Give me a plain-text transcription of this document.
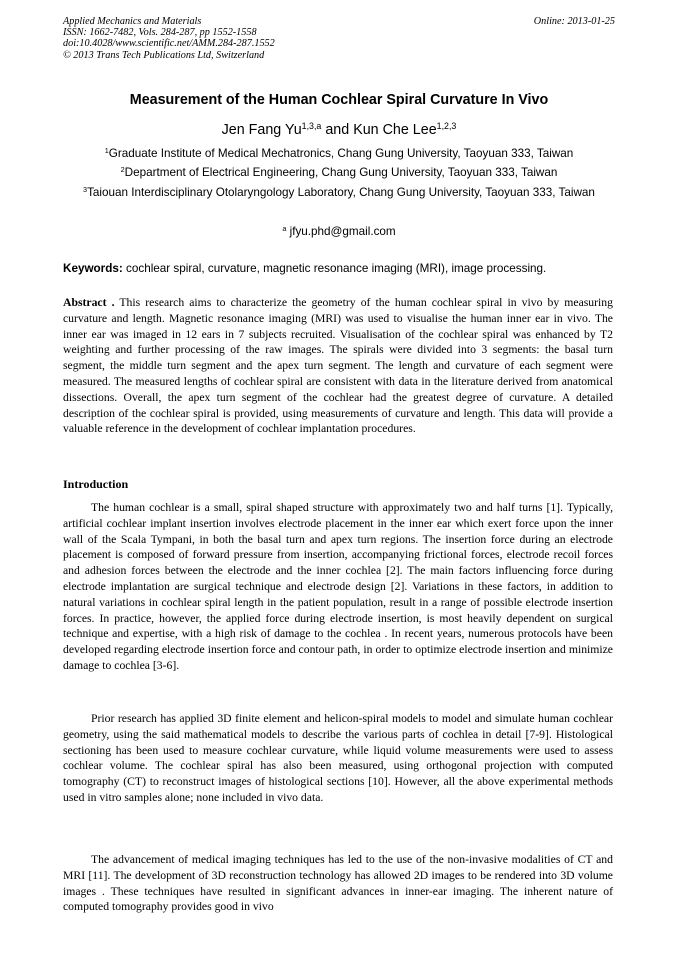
Applied Mechanics and Materials
ISSN: 1662-7482, Vols. 284-287, pp 1552-1558
doi:10.4028/www.scientific.net/AMM.284-287.1552
© 2013 Trans Tech Publications Ltd, Switzerland
Online: 2013-01-25
Measurement of the Human Cochlear Spiral Curvature In Vivo
Jen Fang Yu$^{1,3,a}$ and Kun Che Lee$^{1,2,3}$
$^1$Graduate Institute of Medical Mechatronics, Chang Gung University, Taoyuan 333, Taiwan
$^2$Department of Electrical Engineering, Chang Gung University, Taoyuan 333, Taiwan
$^3$Taiouan Interdisciplinary Otolaryngology Laboratory, Chang Gung University, Taoyuan 333, Taiwan
$^a$ jfyu.phd@gmail.com
Keywords: cochlear spiral, curvature, magnetic resonance imaging (MRI), image processing.
Abstract . This research aims to characterize the geometry of the human cochlear spiral in vivo by measuring curvature and length. Magnetic resonance imaging (MRI) was used to visualise the human inner ear in vivo. The inner ear was imaged in 12 ears in 7 subjects recruited. Visualisation of the cochlear spiral was enhanced by T2 weighting and further processing of the raw images. The spirals were divided into 3 segments: the basal turn segment, the middle turn segment and the apex turn segment. The length and curvature of each segment were measured. The measured lengths of cochlear spiral are consistent with data in the literature derived from anatomical dissections. Overall, the apex turn segment of the cochlear had the greatest degree of curvature. A detailed description of the cochlear spiral is provided, using measurements of curvature and length. This data will provide a valuable reference in the development of cochlear implantation procedures.
Introduction
The human cochlear is a small, spiral shaped structure with approximately two and half turns [1]. Typically, artificial cochlear implant insertion involves electrode placement in the inner ear which exert force upon the inner wall of the Scala Tympani, in both the basal turn and apex turn regions. The insertion force during an electrode placement is composed of forward pressure from insertion, accompanying frictional forces, electrode recoil forces and adhesion forces between the electrode and the inner cochlea [2]. The main factors influencing force during electrode implantation are surgical technique and electrode design [2]. Variations in these factors, in addition to natural variations in cochlear spiral length in the patient population, result in a range of possible electrode insertion forces. In practice, however, the applied force during electrode insertion, is most heavily dependent on surgical technique and expertise, with a high risk of damage to the cochlea . In recent years, numerous protocols have been developed regarding electrode insertion force and contour path, in order to optimize electrode insertion and minimize damage to cochlea [3-6].
Prior research has applied 3D finite element and helicon-spiral models to model and simulate human cochlear geometry, using the said mathematical models to describe the various parts of cochlea in detail [7-9]. Histological sectioning has been used to measure cochlear curvature, while liquid volume measurements were used to assess cochlear volume. The cochlear spiral has also been measured, using orthogonal projection with computed tomography (CT) to reconstruct images of histological sections [10]. However, all the above experimental methods used in vitro samples alone; none included in vivo data.
The advancement of medical imaging techniques has led to the use of the non-invasive modalities of CT and MRI [11]. The development of 3D reconstruction technology has allowed 2D images to be rendered into 3D volume images . These techniques have resulted in significant advances in inner-ear imaging. The inherent nature of computed tomography provides good in vivo
